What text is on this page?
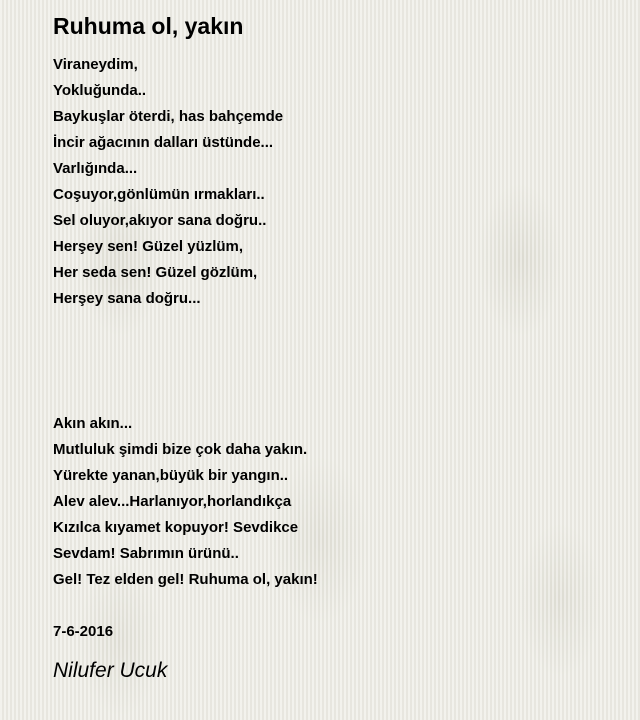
Ruhuma ol, yakın
Viraneydim,
Yokluğunda..
Baykuşlar öterdi, has bahçemde
İncir ağacının dalları üstünde...
Varlığında...
Coşuyor,gönlümün ırmakları..
Sel oluyor,akıyor sana doğru..
Herşey sen! Güzel yüzlüm,
Her seda sen! Güzel gözlüm,
Herşey sana doğru...
Akın akın...
Mutluluk şimdi bize çok daha yakın.
Yürekte yanan,büyük bir yangın..
Alev alev...Harlanıyor,horlandıkça
Kızılca kıyamet kopuyor! Sevdikce
Sevdam! Sabrımın ürünü..
Gel! Tez elden gel! Ruhuma ol, yakın!
7-6-2016
Nilufer Ucuk
